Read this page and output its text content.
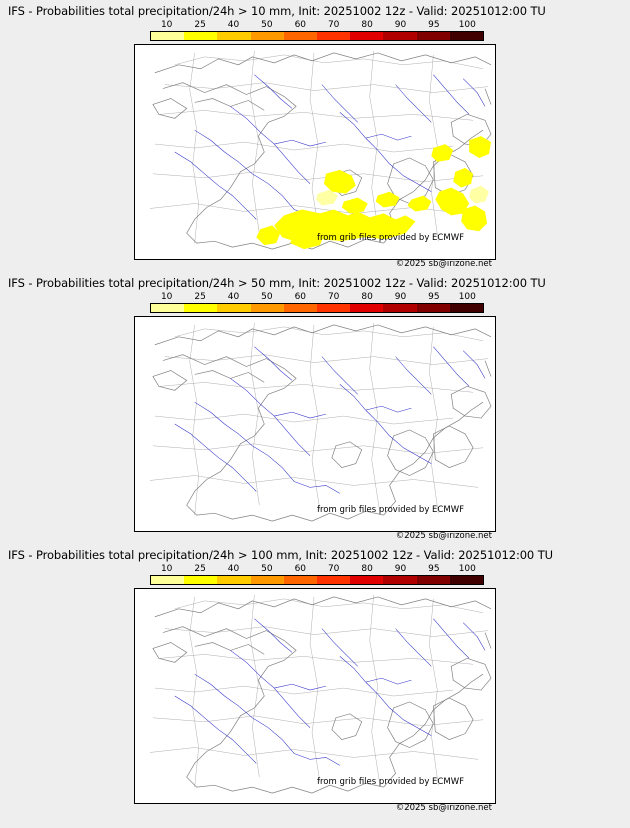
IFS - Probabilities total precipitation/24h > 10 mm, Init: 20251002 12z - Valid: 20251012:00 TU
10 25 40 50 60 70 80 90 95 100
from grib files provided by ECMWF
©2025 sb@irizone.net
IFS - Probabilities total precipitation/24h > 50 mm, Init: 20251002 12z - Valid: 20251012:00 TU
10 25 40 50 60 70 80 90 95 100
from grib files provided by ECMWF
©2025 sb@irizone.net
IFS - Probabilities total precipitation/24h > 100 mm, Init: 20251002 12z - Valid: 20251012:00 TU
10 25 40 50 60 70 80 90 95 100
from grib files provided by ECMWF
©2025 sb@irizone.net
